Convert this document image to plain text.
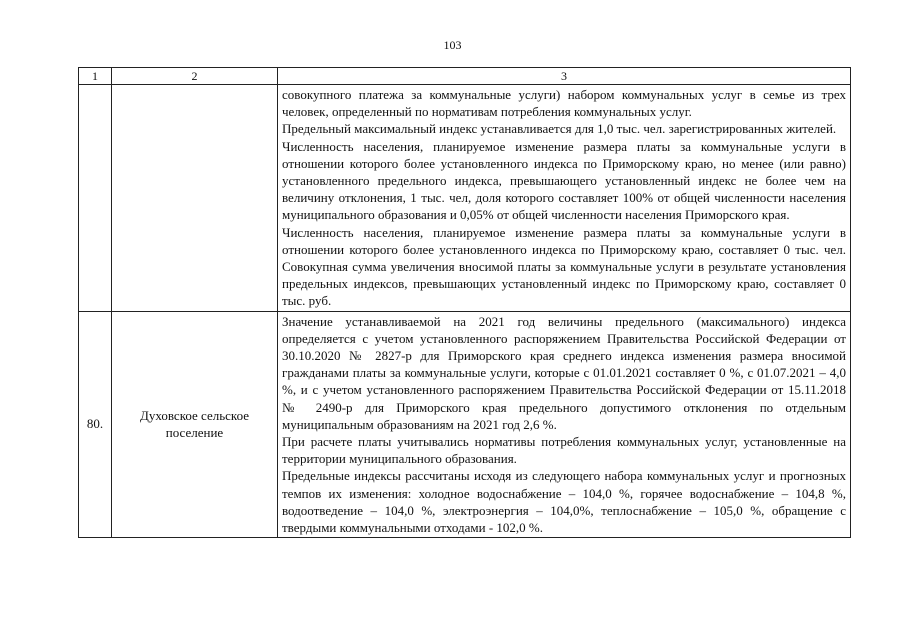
103
1	2	3

		совокупного платежа за коммунальные услуги) набором коммунальных услуг в семье из трех человек, определенный по нормативам потребления коммунальных услуг.

Предельный максимальный индекс устанавливается для 1,0 тыс. чел. зарегистрированных жителей.

Численность населения, планируемое изменение размера платы за коммунальные услуги в отношении которого более установленного индекса по Приморскому краю, но менее (или равно) установленного предельного индекса, превышающего установленный индекс не более чем на величину отклонения, 1 тыс. чел, доля которого составляет 100% от общей численности населения муниципального образования и 0,05% от общей численности населения Приморского края.

Численность населения, планируемое изменение размера платы за коммунальные услуги в отношении которого более установленного индекса по Приморскому краю, составляет 0 тыс. чел. Совокупная сумма увеличения вносимой платы за коммунальные услуги в результате установления предельных индексов, превышающих установленный индекс по Приморскому краю, составляет 0 тыс. руб.

80.	Духовское сельское поселение	Значение устанавливаемой на 2021 год величины предельного (максимального) индекса определяется с учетом установленного распоряжением Правительства Российской Федерации от 30.10.2020 № 2827-р для Приморского края среднего индекса изменения размера вносимой гражданами платы за коммунальные услуги, которые с 01.01.2021 составляет 0 %, с 01.07.2021 – 4,0 %, и с учетом установленного распоряжением Правительства Российской Федерации от 15.11.2018 № 2490-р для Приморского края предельного допустимого отклонения по отдельным муниципальным образованиям на 2021 год 2,6 %.

При расчете платы учитывались нормативы потребления коммунальных услуг, установленные на территории муниципального образования.

Предельные индексы рассчитаны исходя из следующего набора коммунальных услуг и прогнозных темпов их изменения: холодное водоснабжение – 104,0 %, горячее водоснабжение – 104,8 %, водоотведение – 104,0 %, электроэнергия – 104,0%, теплоснабжение – 105,0 %, обращение с твердыми коммунальными отходами - 102,0 %.
